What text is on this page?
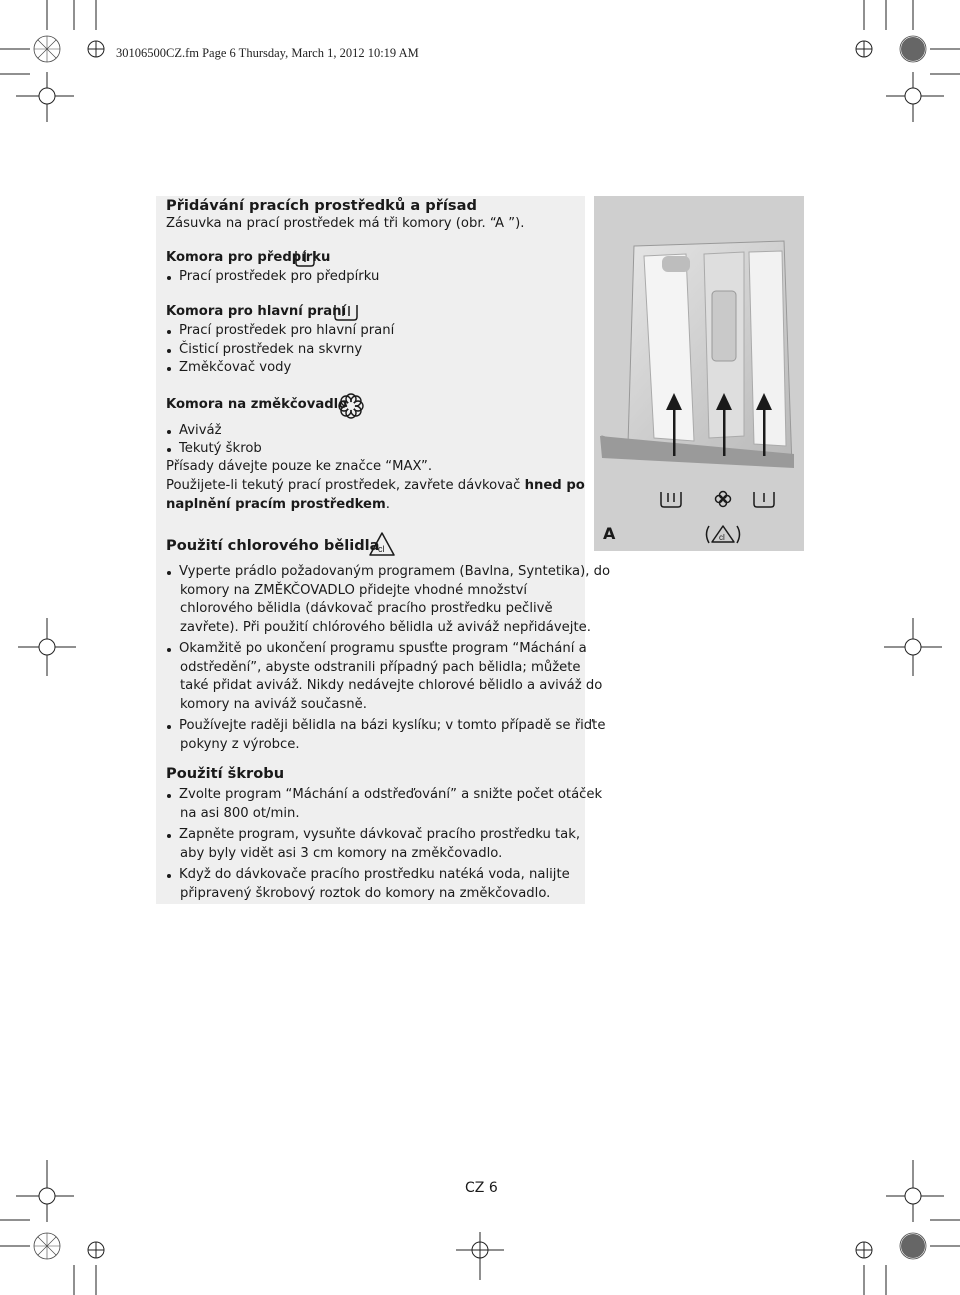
30106500CZ.fm Page 6 Thursday, March 1, 2012 10:19 AM
Přidávání pracích prostředků a přísad
Zásuvka na prací prostředek má tři komory (obr. “A ”).
Komora pro předpírku
Prací prostředek pro předpírku
Komora pro hlavní praní
Prací prostředek pro hlavní praní
Čisticí prostředek na skvrny
Změkčovač vody
Komora na změkčovadlo
Aviváž
Tekutý škrob
Přísady dávejte pouze ke značce “MAX”.
Použijete-li tekutý prací prostředek, zavřete dávkovač hned po
naplnění pracím prostředkem.
Použití chlorového bělidla
cl
Vyperte prádlo požadovaným programem (Bavlna, Syntetika), do
komory na ZMĚKČOVADLO přidejte vhodné množství
chlorového bělidla (dávkovač pracího prostředku pečlivě
zavřete). Při použití chlórového bělidla už aviváž nepřidávejte.
Okamžitě po ukončení programu spusťte program “Máchání a
odstředění”, abyste odstranili případný pach bělidla; můžete
také přidat aviváž. Nikdy nedávejte chlorové bělidlo a aviváž do
komory na aviváž současně.
Používejte raději bělidla na bázi kyslíku; v tomto případě se řiďte
pokyny z výrobce.
Použití škrobu
Zvolte program “Máchání a odstřeďování” a snižte počet otáček
na asi 800 ot/min.
Zapněte program, vysuňte dávkovač pracího prostředku tak,
aby byly vidět asi 3 cm komory na změkčovadlo.
Když do dávkovače pracího prostředku natéká voda, nalijte
připravený škrobový roztok do komory na změkčovadlo.
cl
A
CZ 6
